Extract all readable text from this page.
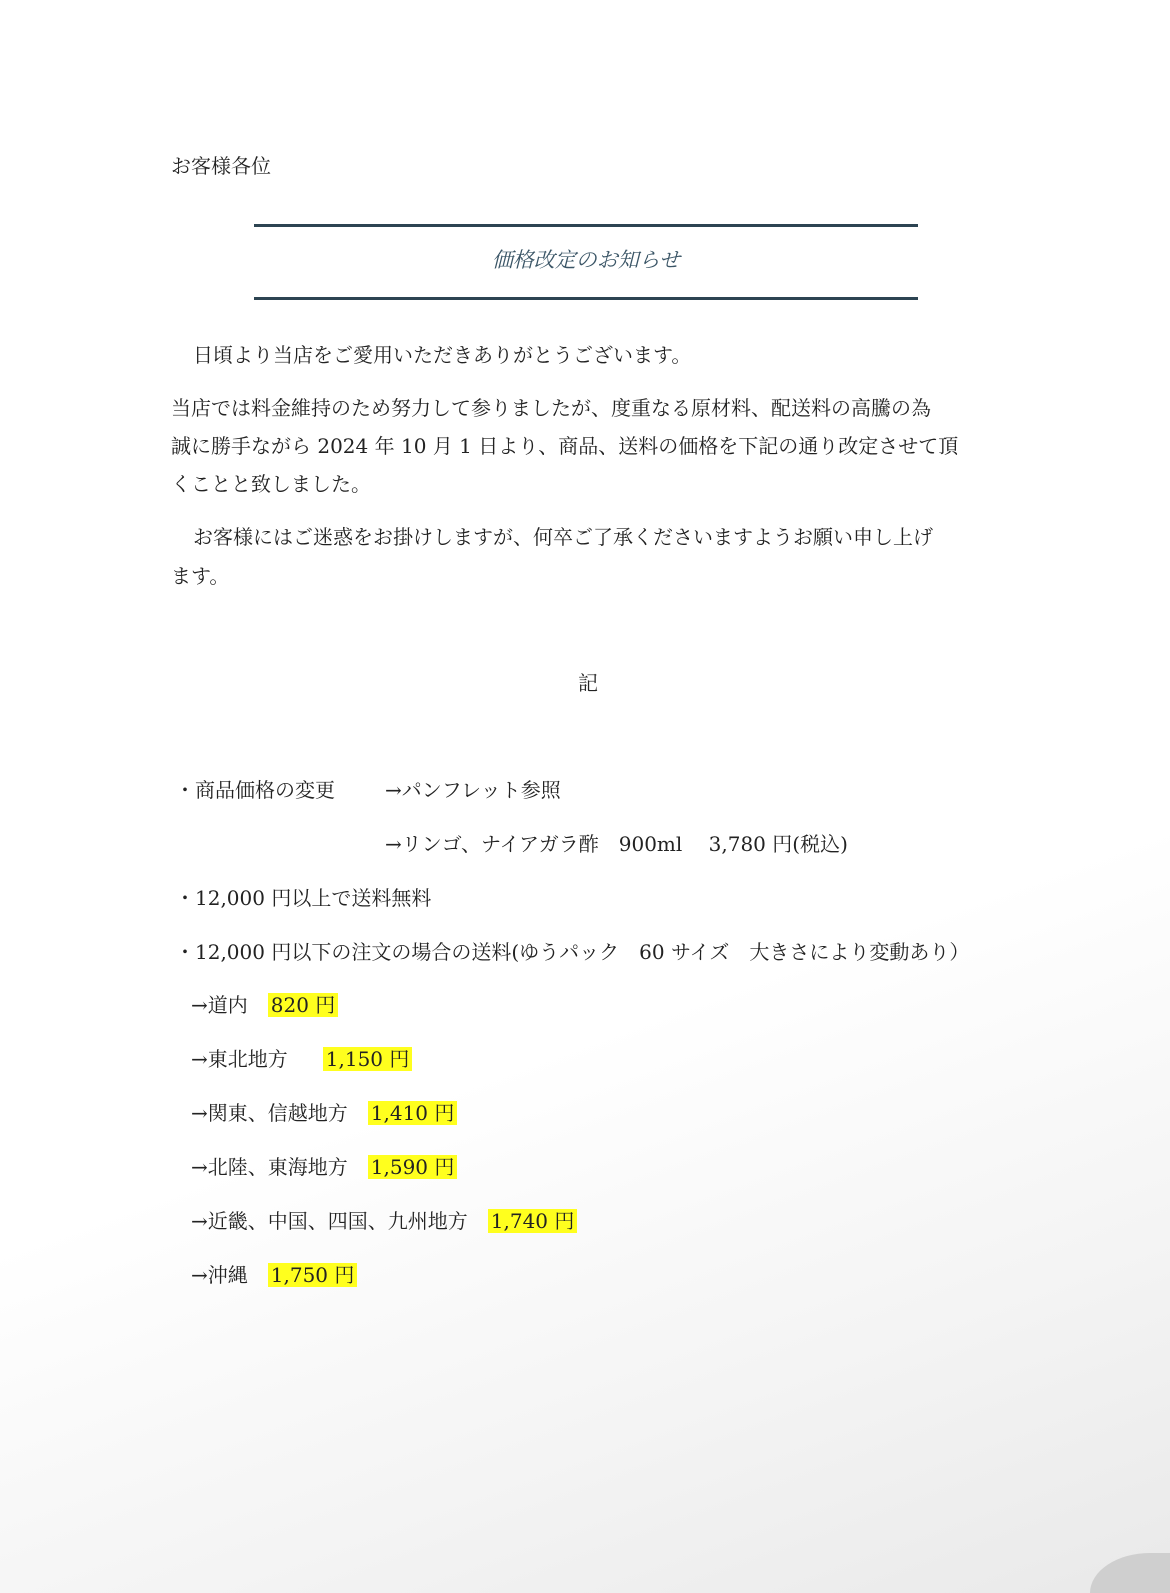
お客様各位
価格改定のお知らせ
日頃より当店をご愛用いただきありがとうございます。
当店では料金維持のため努力して参りましたが、度重なる原材料、配送料の高騰の為
誠に勝手ながら 2024 年 10 月 1 日より、商品、送料の価格を下記の通り改定させて頂
くことと致しました。
お客様にはご迷惑をお掛けしますが、何卒ご了承くださいますようお願い申し上げ
ます。
記
・商品価格の変更	→パンフレット参照
→リンゴ、ナイアガラ酢　900ml　 3,780 円(税込)
・12,000 円以上で送料無料
・12,000 円以下の注文の場合の送料(ゆうパック　60 サイズ　大きさにより変動あり）
→道内 820 円
→東北地方 1,150 円
→関東、信越地方 1,410 円
→北陸、東海地方 1,590 円
→近畿、中国、四国、九州地方 1,740 円
→沖縄 1,750 円
